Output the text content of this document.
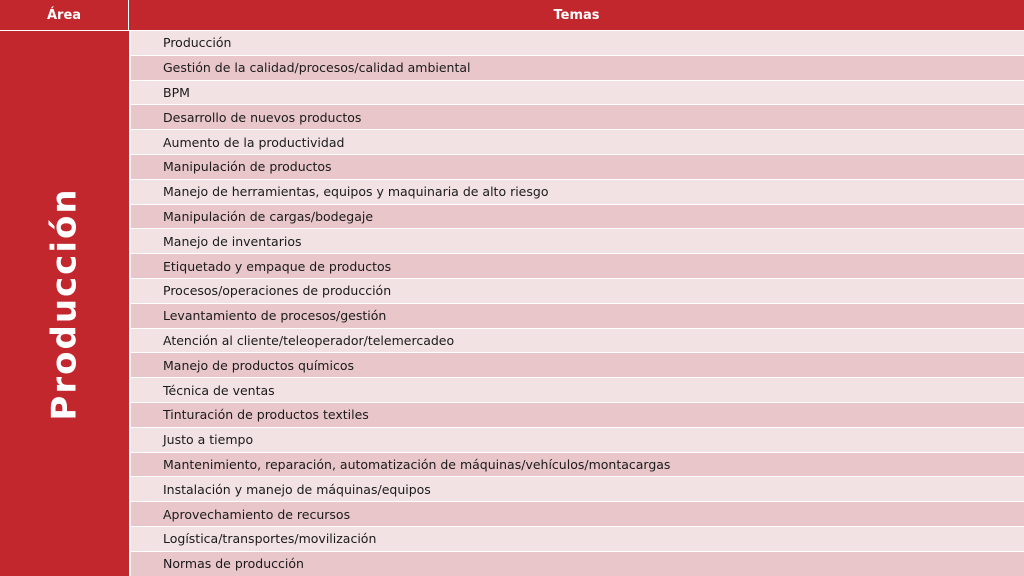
Área	Temas
Producción
Producción
Gestión de la calidad/procesos/calidad ambiental
BPM
Desarrollo de nuevos productos
Aumento de la productividad
Manipulación de productos
Manejo de herramientas, equipos y maquinaria de alto riesgo
Manipulación de cargas/bodegaje
Manejo de inventarios
Etiquetado y empaque de productos
Procesos/operaciones de producción
Levantamiento de procesos/gestión
Atención al cliente/teleoperador/telemercadeo
Manejo de productos químicos
Técnica de ventas
Tinturación de productos textiles
Justo a tiempo
Mantenimiento, reparación, automatización de máquinas/vehículos/montacargas
Instalación y manejo de máquinas/equipos
Aprovechamiento de recursos
Logística/transportes/movilización
Normas de producción
